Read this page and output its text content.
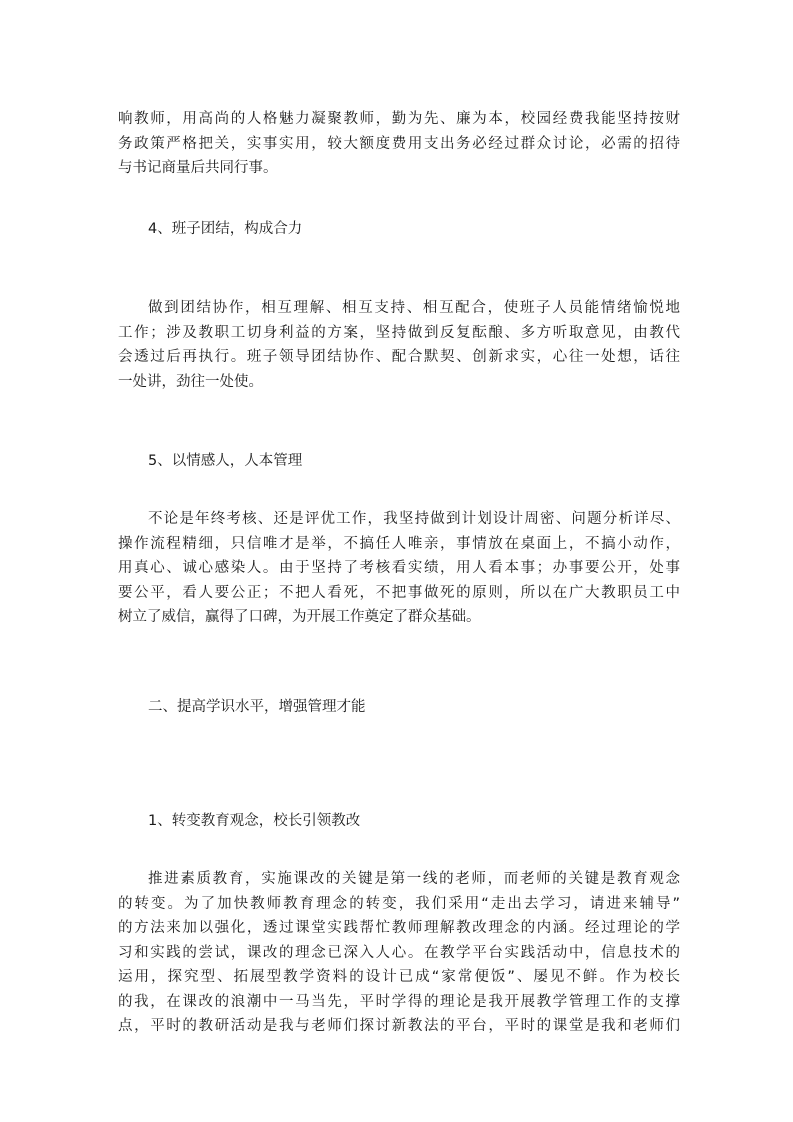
响教师，用高尚的人格魅力凝聚教师，勤为先、廉为本，校园经费我能坚持按财
务政策严格把关，实事实用，较大额度费用支出务必经过群众讨论，必需的招待
与书记商量后共同行事。
4、班子团结，构成合力
做到团结协作，相互理解、相互支持、相互配合，使班子人员能情绪愉悦地
工作；涉及教职工切身利益的方案，坚持做到反复酝酿、多方听取意见，由教代
会透过后再执行。班子领导团结协作、配合默契、创新求实，心往一处想，话往
一处讲，劲往一处使。
5、以情感人，人本管理
不论是年终考核、还是评优工作，我坚持做到计划设计周密、问题分析详尽、
操作流程精细，只信唯才是举，不搞任人唯亲，事情放在桌面上，不搞小动作，
用真心、诚心感染人。由于坚持了考核看实绩，用人看本事；办事要公开，处事
要公平，看人要公正；不把人看死，不把事做死的原则，所以在广大教职员工中
树立了威信，赢得了口碑，为开展工作奠定了群众基础。
二、提高学识水平，增强管理才能
1、转变教育观念，校长引领教改
推进素质教育，实施课改的关键是第一线的老师，而老师的关键是教育观念
的转变。为了加快教师教育理念的转变，我们采用“走出去学习，请进来辅导”
的方法来加以强化，透过课堂实践帮忙教师理解教改理念的内涵。经过理论的学
习和实践的尝试，课改的理念已深入人心。在教学平台实践活动中，信息技术的
运用，探究型、拓展型教学资料的设计已成“家常便饭”、屡见不鲜。作为校长
的我，在课改的浪潮中一马当先，平时学得的理论是我开展教学管理工作的支撑
点，平时的教研活动是我与老师们探讨新教法的平台，平时的课堂是我和老师们
